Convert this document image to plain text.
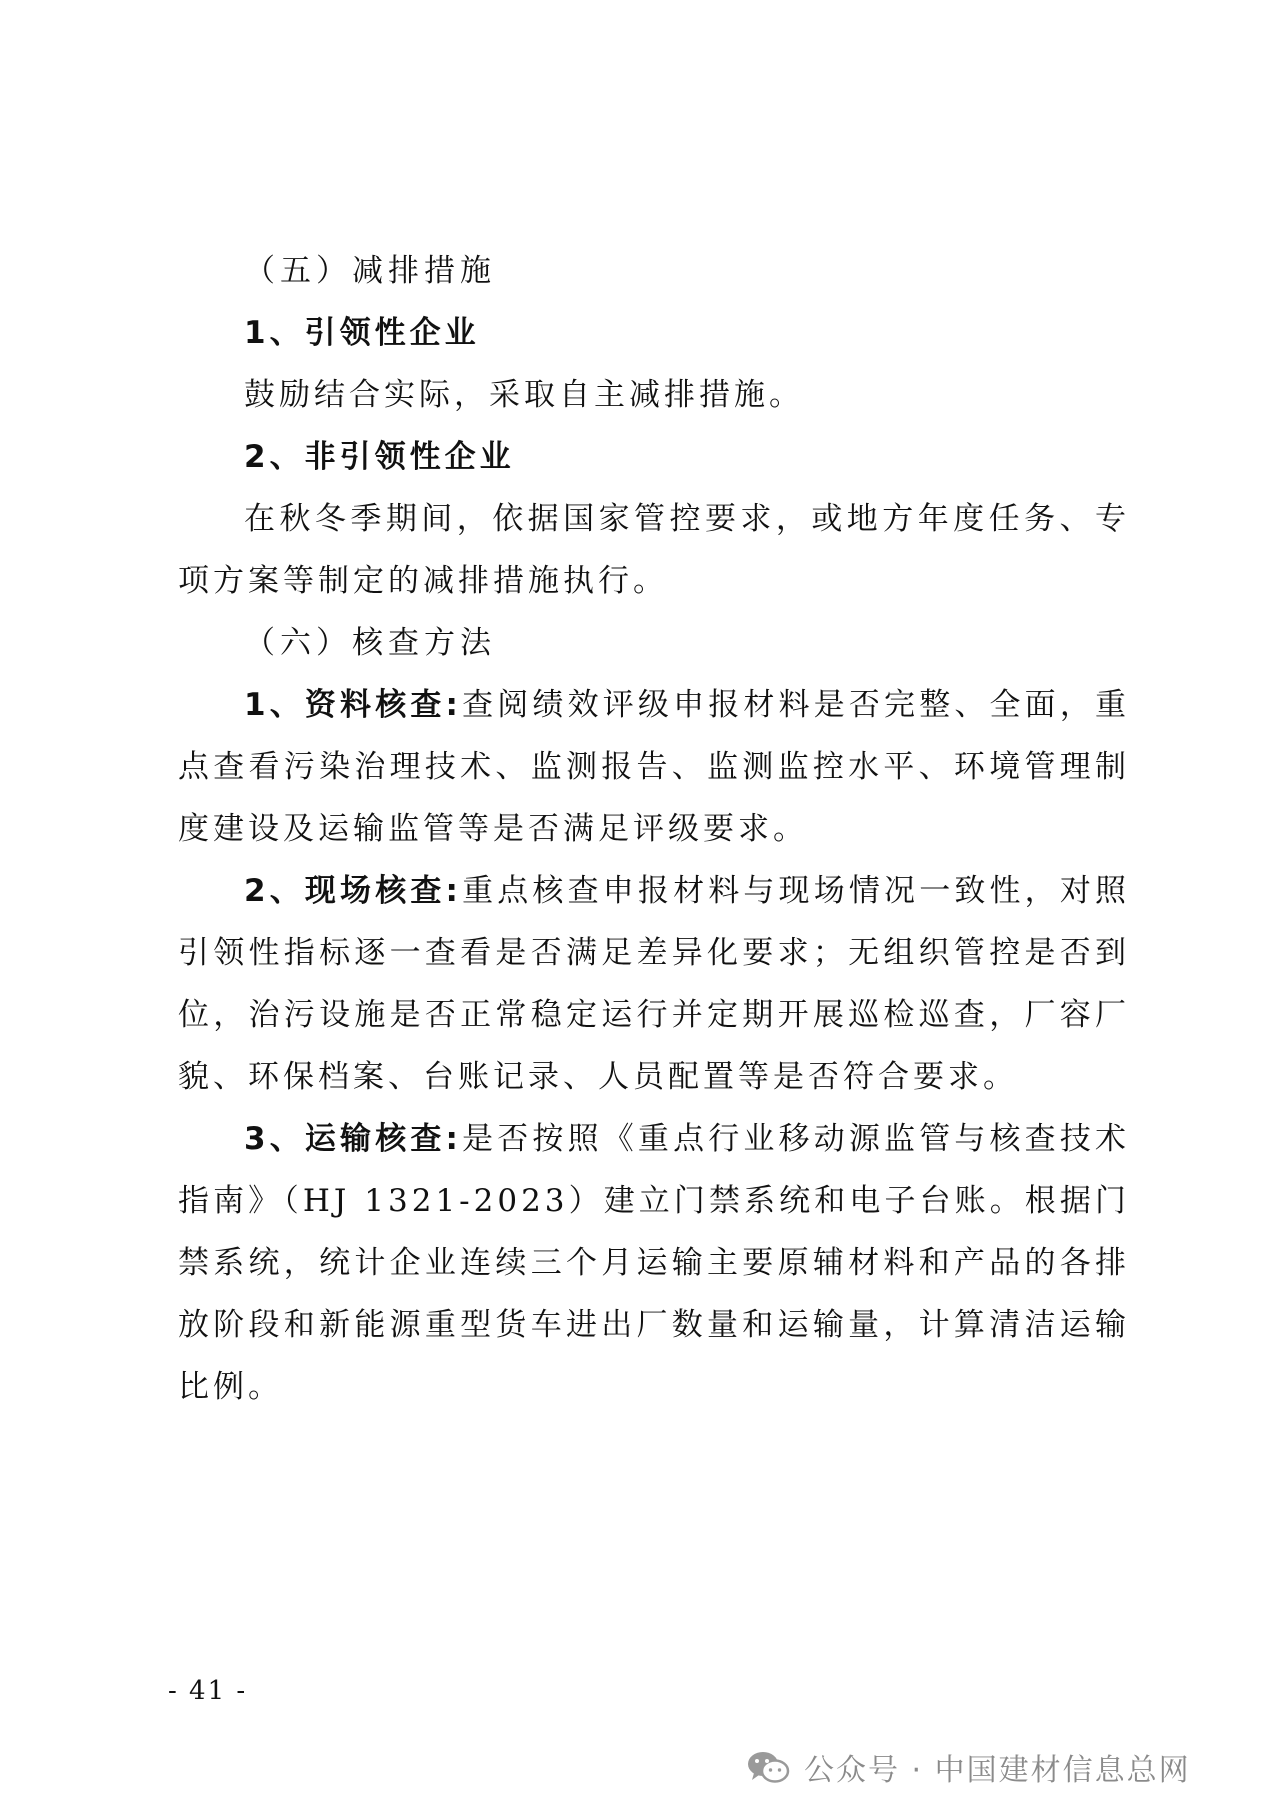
（五）减排措施

1、引领性企业

鼓励结合实际，采取自主减排措施。

2、非引领性企业

在秋冬季期间，依据国家管控要求，或地方年度任务、专项方案等制定的减排措施执行。

（六）核查方法

1、资料核查:查阅绩效评级申报材料是否完整、全面，重点查看污染治理技术、监测报告、监测监控水平、环境管理制度建设及运输监管等是否满足评级要求。

2、现场核查:重点核查申报材料与现场情况一致性，对照引领性指标逐一查看是否满足差异化要求；无组织管控是否到位，治污设施是否正常稳定运行并定期开展巡检巡查，厂容厂貌、环保档案、台账记录、人员配置等是否符合要求。

3、运输核查:是否按照《重点行业移动源监管与核查技术指南》（HJ 1321-2023）建立门禁系统和电子台账。根据门禁系统，统计企业连续三个月运输主要原辅材料和产品的各排放阶段和新能源重型货车进出厂数量和运输量，计算清洁运输比例。

- 41 -
公众号 · 中国建材信息总网
